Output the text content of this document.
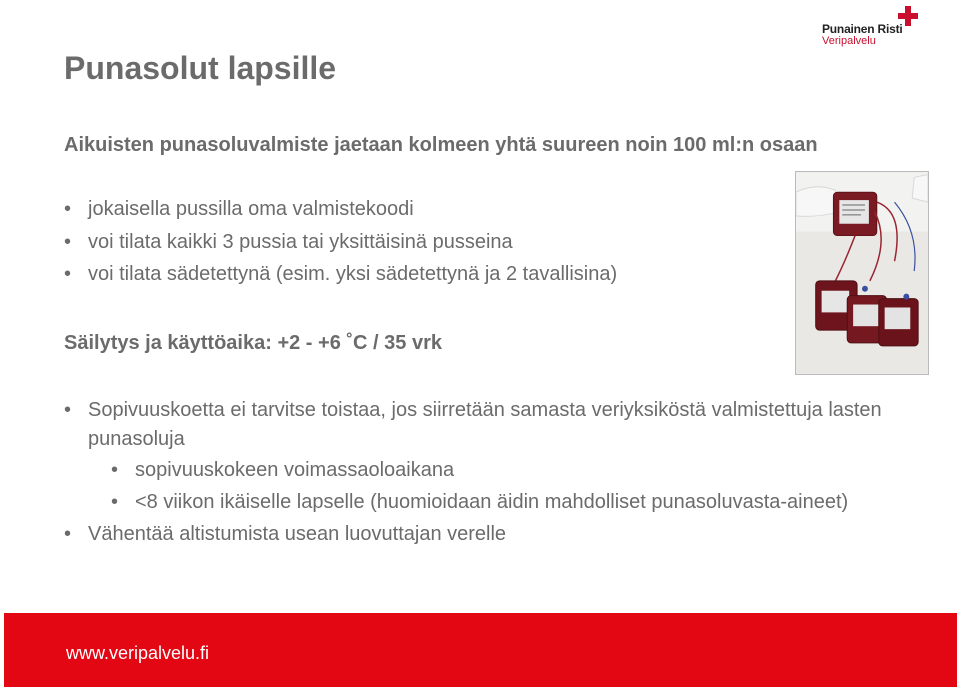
Punainen Risti
Veripalvelu
Punasolut lapsille
Aikuisten punasoluvalmiste jaetaan kolmeen yhtä suureen noin 100 ml:n osaan
• jokaisella pussilla oma valmistekoodi
• voi tilata kaikki 3 pussia tai yksittäisinä pusseina
• voi tilata sädetettynä (esim. yksi sädetettynä ja 2 tavallisina)
Säilytys ja käyttöaika: +2 - +6 ˚C / 35 vrk
• Sopivuuskoetta ei tarvitse toistaa, jos siirretään samasta veriyksiköstä valmistettuja lasten punasoluja
• sopivuuskokeen voimassaoloaikana
• <8 viikon ikäiselle lapselle (huomioidaan äidin mahdolliset punasoluvasta-aineet)
• Vähentää altistumista usean luovuttajan verelle
www.veripalvelu.fi
